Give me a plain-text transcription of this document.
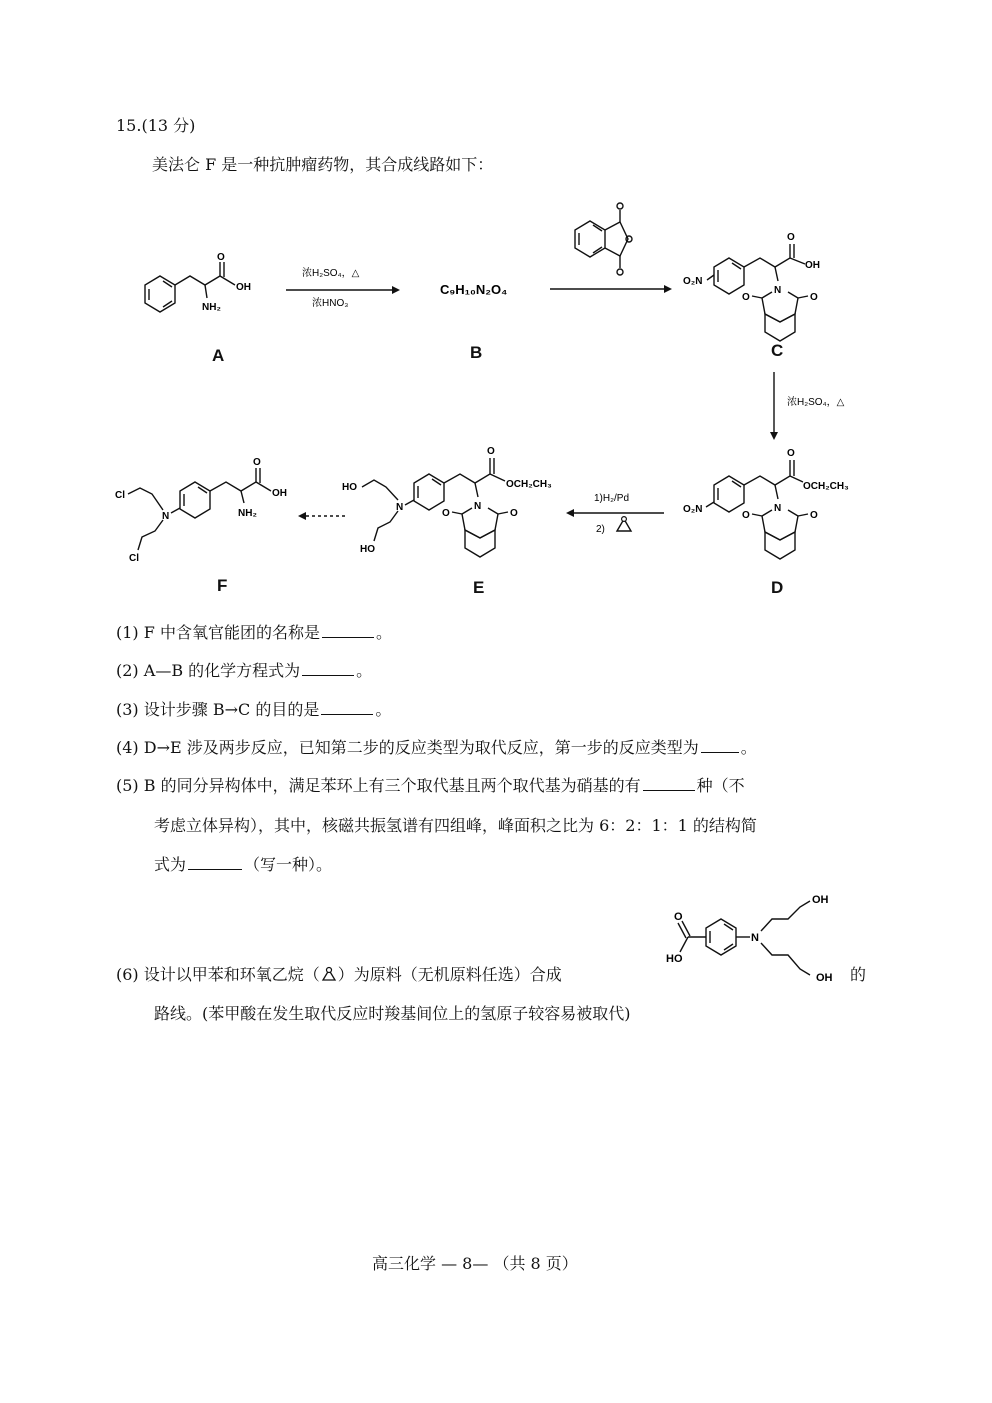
15.(13 分)
美法仑 F 是一种抗肿瘤药物，其合成线路如下：
O
OH
NH₂
浓H₂SO₄，△
浓HNO₃
C₉H₁₀N₂O₄
O₂N
O
OH
N
O	O
浓H₂SO₄，△
O₂N
O
OCH₂CH₃
N
O	O
1)H₂/Pd
2)
HO
HO
N
O
OCH₂CH₃
N
O	O
Cl
Cl
N
O
OH
NH₂
A	B	C
D
E
F
(1) F 中含氧官能团的名称是	。
(2) A—B 的化学方程式为	。
(3) 设计步骤 B→C 的目的是	。
(4) D→E 涉及两步反应，已知第二步的反应类型为取代反应，第一步的反应类型为	。
(5) B 的同分异构体中，满足苯环上有三个取代基且两个取代基为硝基的有	种（不
考虑立体异构），其中，核磁共振氢谱有四组峰，峰面积之比为 6：2：1：1 的结构简
式为	（写一种）。
O
HO
N
OH
OH
(6) 设计以甲苯和环氧乙烷（ ）为原料（无机原料任选）合成	的
路线。(苯甲酸在发生取代反应时羧基间位上的氢原子较容易被取代)
高三化学 — 8— （共 8 页）
